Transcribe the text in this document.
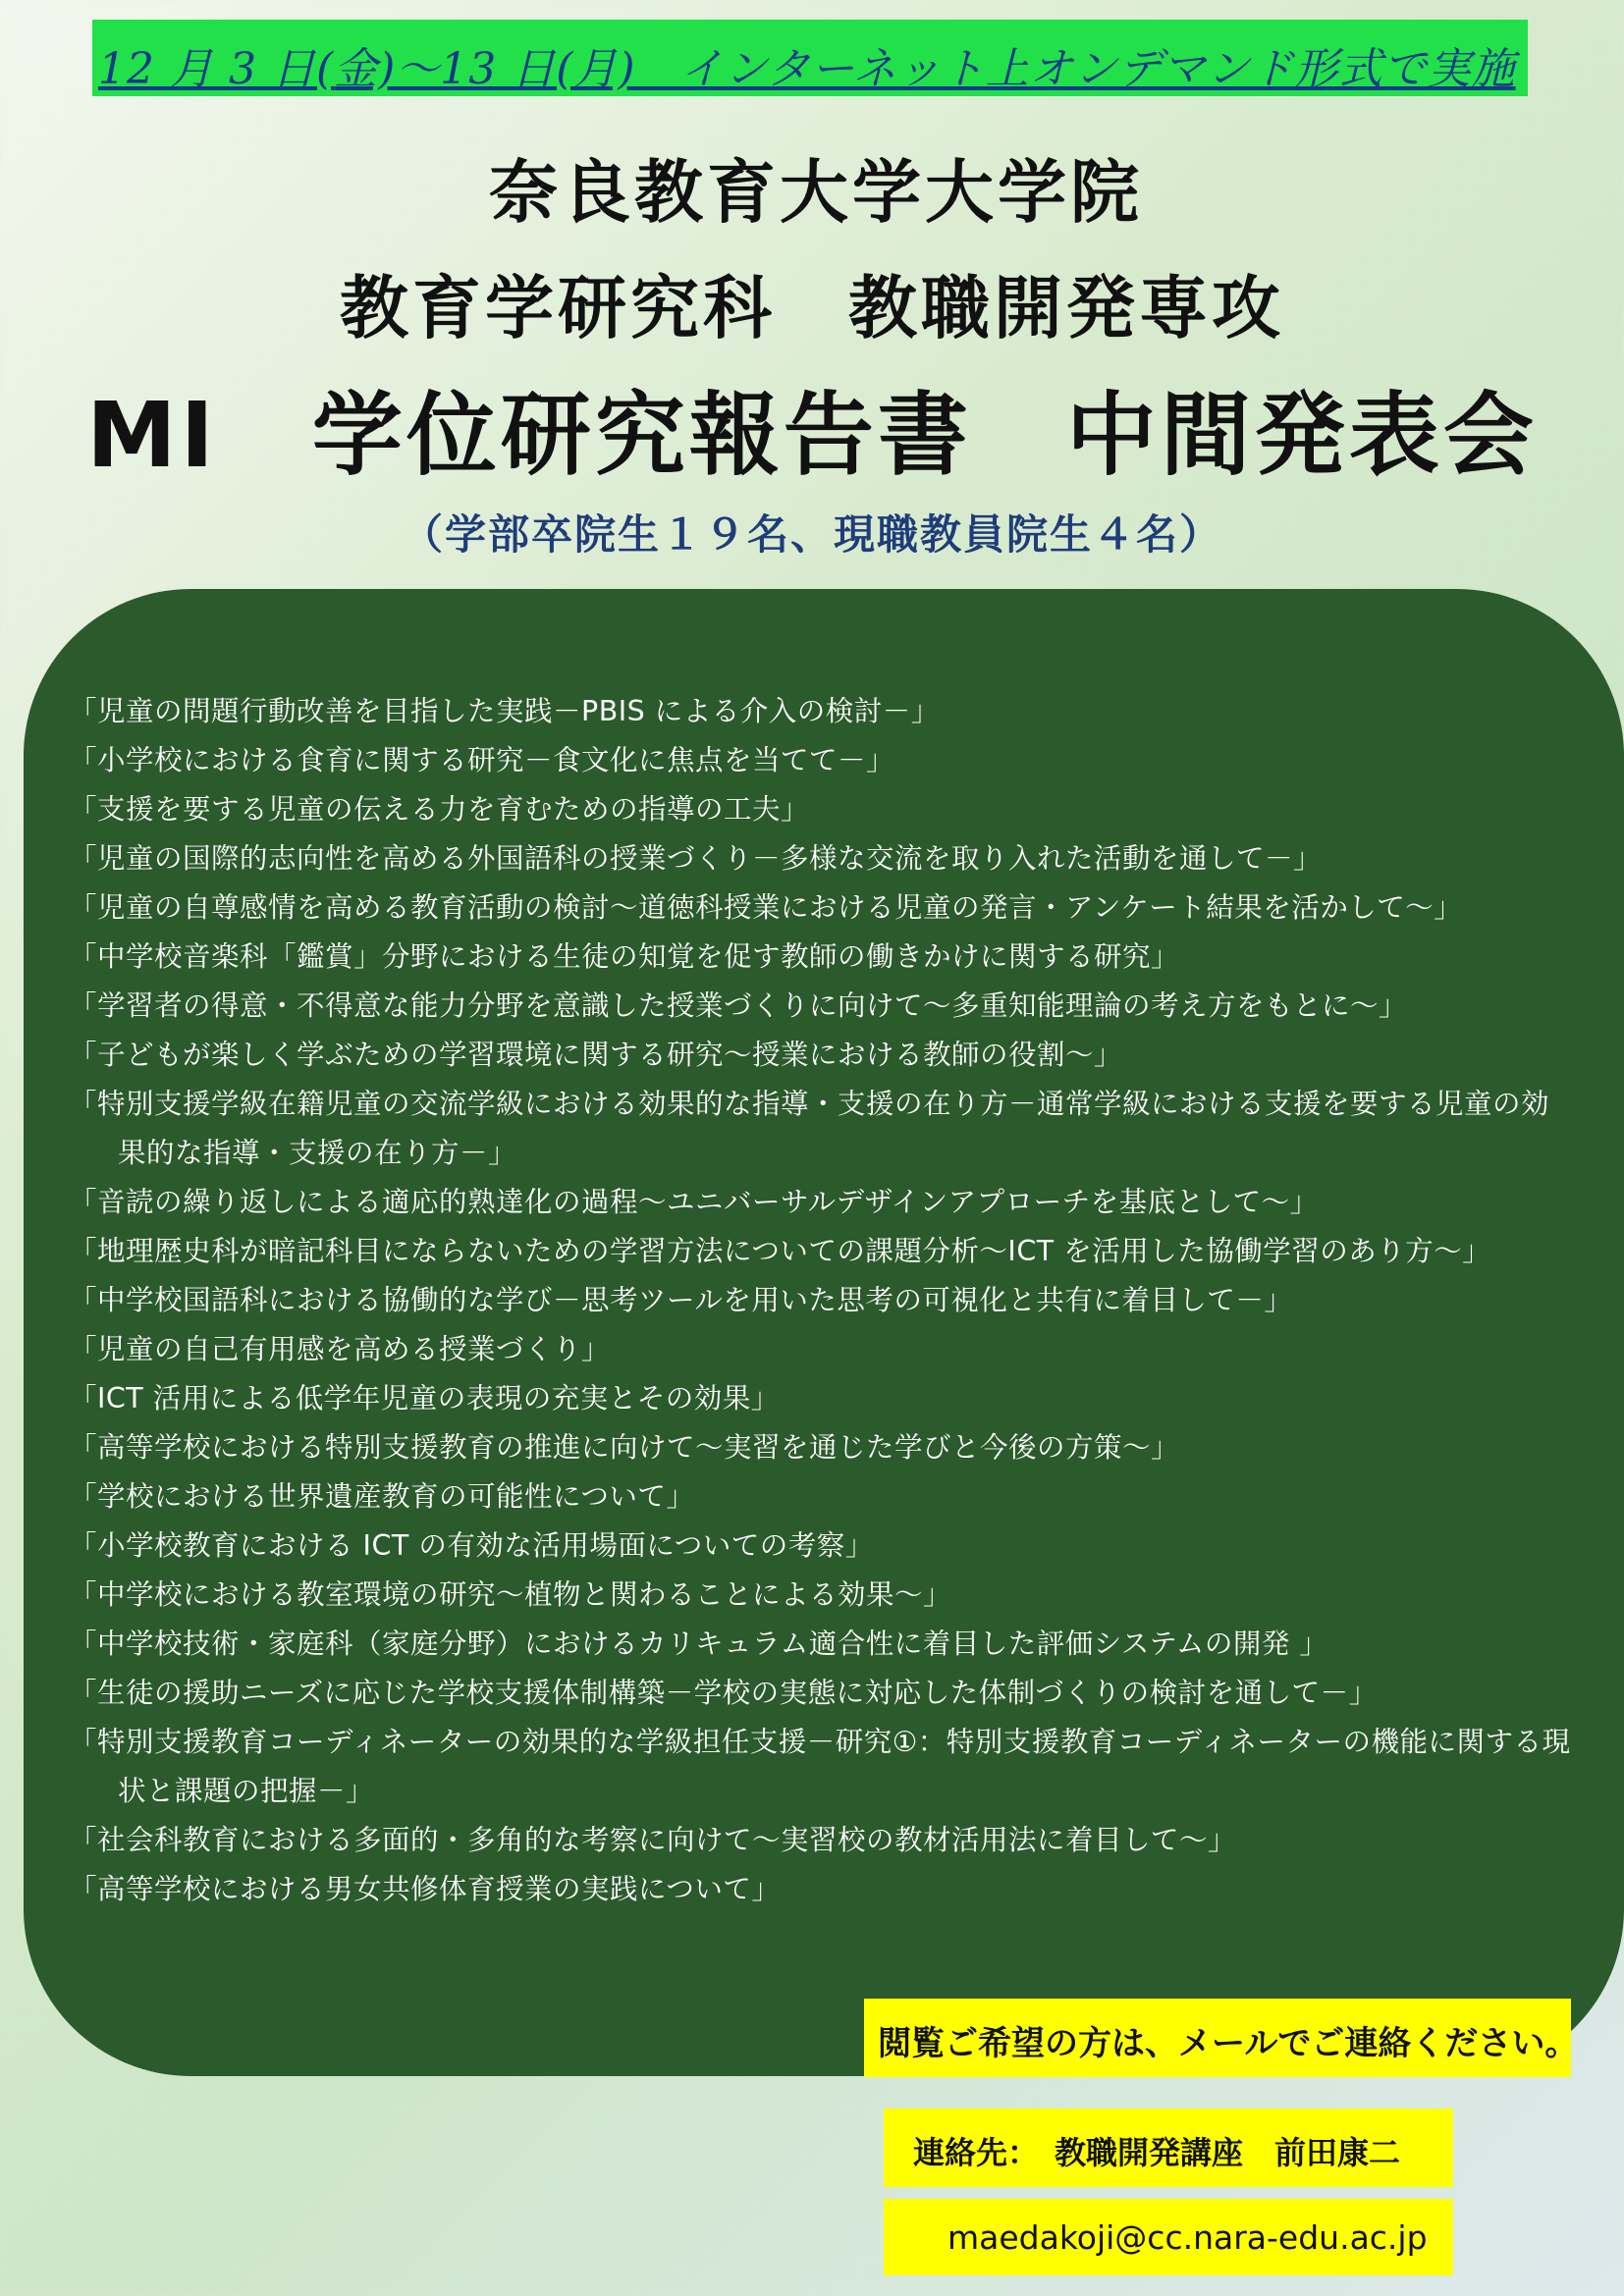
12 月 3 日(金)～13 日(月)　インターネット上オンデマンド形式で実施
奈良教育大学大学院
教育学研究科　教職開発専攻
MⅠ　学位研究報告書　中間発表会
（学部卒院生１９名、現職教員院生４名）
「児童の問題行動改善を目指した実践－PBIS による介入の検討－」
「小学校における食育に関する研究－食文化に焦点を当てて－」
「支援を要する児童の伝える力を育むための指導の工夫」
「児童の国際的志向性を高める外国語科の授業づくり－多様な交流を取り入れた活動を通して－」
「児童の自尊感情を高める教育活動の検討～道徳科授業における児童の発言・アンケート結果を活かして～」
「中学校音楽科「鑑賞」分野における生徒の知覚を促す教師の働きかけに関する研究」
「学習者の得意・不得意な能力分野を意識した授業づくりに向けて～多重知能理論の考え方をもとに～」
「子どもが楽しく学ぶための学習環境に関する研究～授業における教師の役割～」
「特別支援学級在籍児童の交流学級における効果的な指導・支援の在り方－通常学級における支援を要する児童の効果的な指導・支援の在り方－」
「音読の繰り返しによる適応的熟達化の過程～ユニバーサルデザインアプローチを基底として～」
「地理歴史科が暗記科目にならないための学習方法についての課題分析～ICT を活用した協働学習のあり方～」
「中学校国語科における協働的な学び－思考ツールを用いた思考の可視化と共有に着目して－」
「児童の自己有用感を高める授業づくり」
「ICT 活用による低学年児童の表現の充実とその効果」
「高等学校における特別支援教育の推進に向けて～実習を通じた学びと今後の方策～」
「学校における世界遺産教育の可能性について」
「小学校教育における ICT の有効な活用場面についての考察」
「中学校における教室環境の研究～植物と関わることによる効果～」
「中学校技術・家庭科（家庭分野）におけるカリキュラム適合性に着目した評価システムの開発 」
「生徒の援助ニーズに応じた学校支援体制構築－学校の実態に対応した体制づくりの検討を通して－」
「特別支援教育コーディネーターの効果的な学級担任支援－研究①：特別支援教育コーディネーターの機能に関する現状と課題の把握－」
「社会科教育における多面的・多角的な考察に向けて～実習校の教材活用法に着目して～」
「高等学校における男女共修体育授業の実践について」
閲覧ご希望の方は、メールでご連絡ください。
連絡先：　教職開発講座　前田康二
maedakoji@cc.nara-edu.ac.jp
